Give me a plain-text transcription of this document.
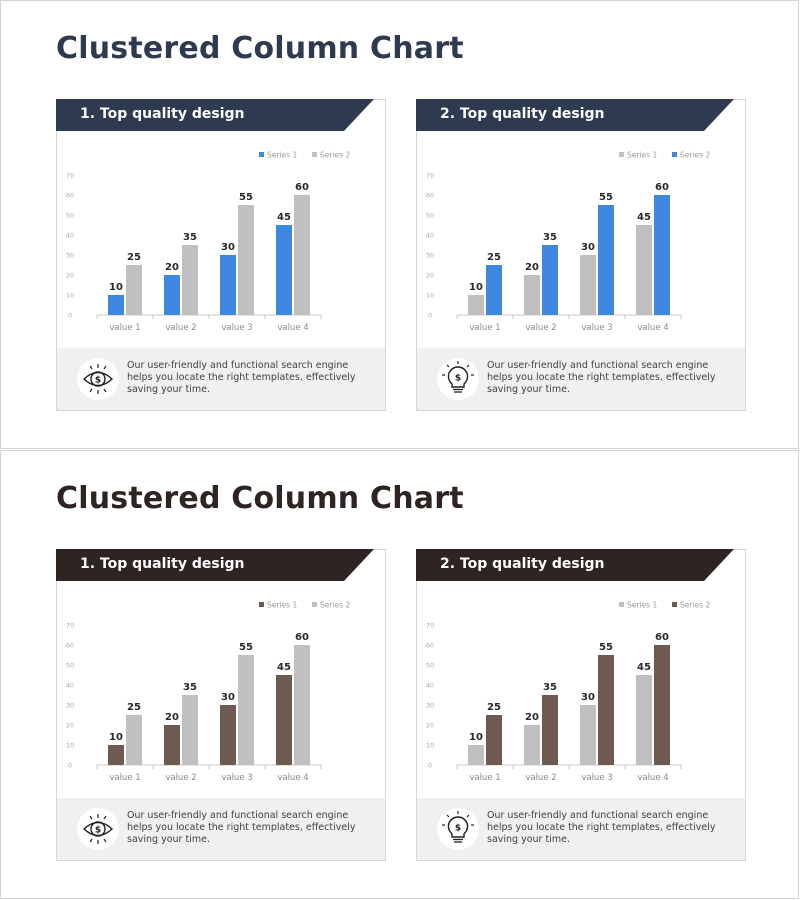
Clustered Column Chart
1. Top quality design
Series 1	Series 2
0
10
20
30
40
50
60
70
value 1
10
25
value 2
20
35
value 3
30
55
value 4
45
60
$
Our user-friendly and functional search engine helps you locate the right templates, effectively saving your time.
2. Top quality design
Series 1	Series 2
0
10
20
30
40
50
60
70
value 1
10
25
value 2
20
35
value 3
30
55
value 4
45
60
$
Our user-friendly and functional search engine helps you locate the right templates, effectively saving your time.
Clustered Column Chart
1. Top quality design
Series 1	Series 2
0
10
20
30
40
50
60
70
value 1
10
25
value 2
20
35
value 3
30
55
value 4
45
60
$
Our user-friendly and functional search engine helps you locate the right templates, effectively saving your time.
2. Top quality design
Series 1	Series 2
0
10
20
30
40
50
60
70
value 1
10
25
value 2
20
35
value 3
30
55
value 4
45
60
$
Our user-friendly and functional search engine helps you locate the right templates, effectively saving your time.
